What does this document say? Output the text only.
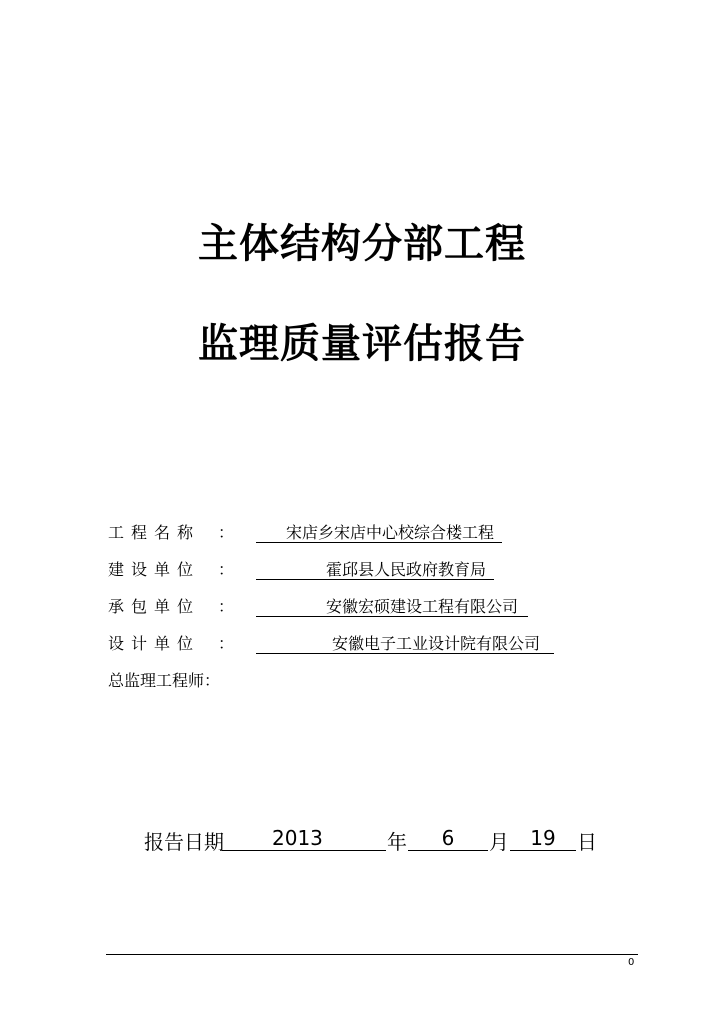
主体结构分部工程
监理质量评估报告
工程名称	：	宋店乡宋店中心校综合楼工程
建设单位	：	霍邱县人民政府教育局
承包单位	：	安徽宏硕建设工程有限公司
设计单位	：	安徽电子工业设计院有限公司
总监理工程师：
报告日期 2013	年	6	月	19	日
0
